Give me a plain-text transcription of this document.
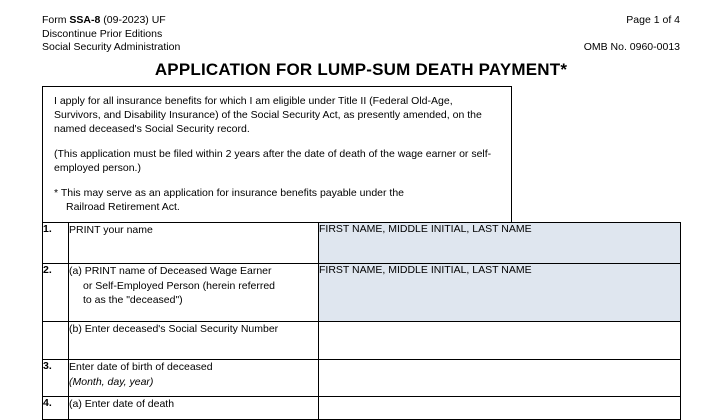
Form SSA-8 (09-2023) UF
Discontinue Prior Editions
Social Security Administration
Page 1 of 4
OMB No. 0960-0013
APPLICATION FOR LUMP-SUM DEATH PAYMENT*

I apply for all insurance benefits for which I am eligible under Title II (Federal Old-Age, Survivors, and Disability Insurance) of the Social Security Act, as presently amended, on the named deceased's Social Security record.

(This application must be filed within 2 years after the date of death of the wage earner or self-employed person.)

* This may serve as an application for insurance benefits payable under the
Railroad Retirement Act.

1.	PRINT your name	FIRST NAME, MIDDLE INITIAL, LAST NAME
2.	(a) PRINT name of Deceased Wage Earner
or Self-Employed Person (herein referred
to as the "deceased")	FIRST NAME, MIDDLE INITIAL, LAST NAME
	(b) Enter deceased's Social Security Number	
3.	Enter date of birth of deceased
(Month, day, year)	

4.	(a) Enter date of death	
